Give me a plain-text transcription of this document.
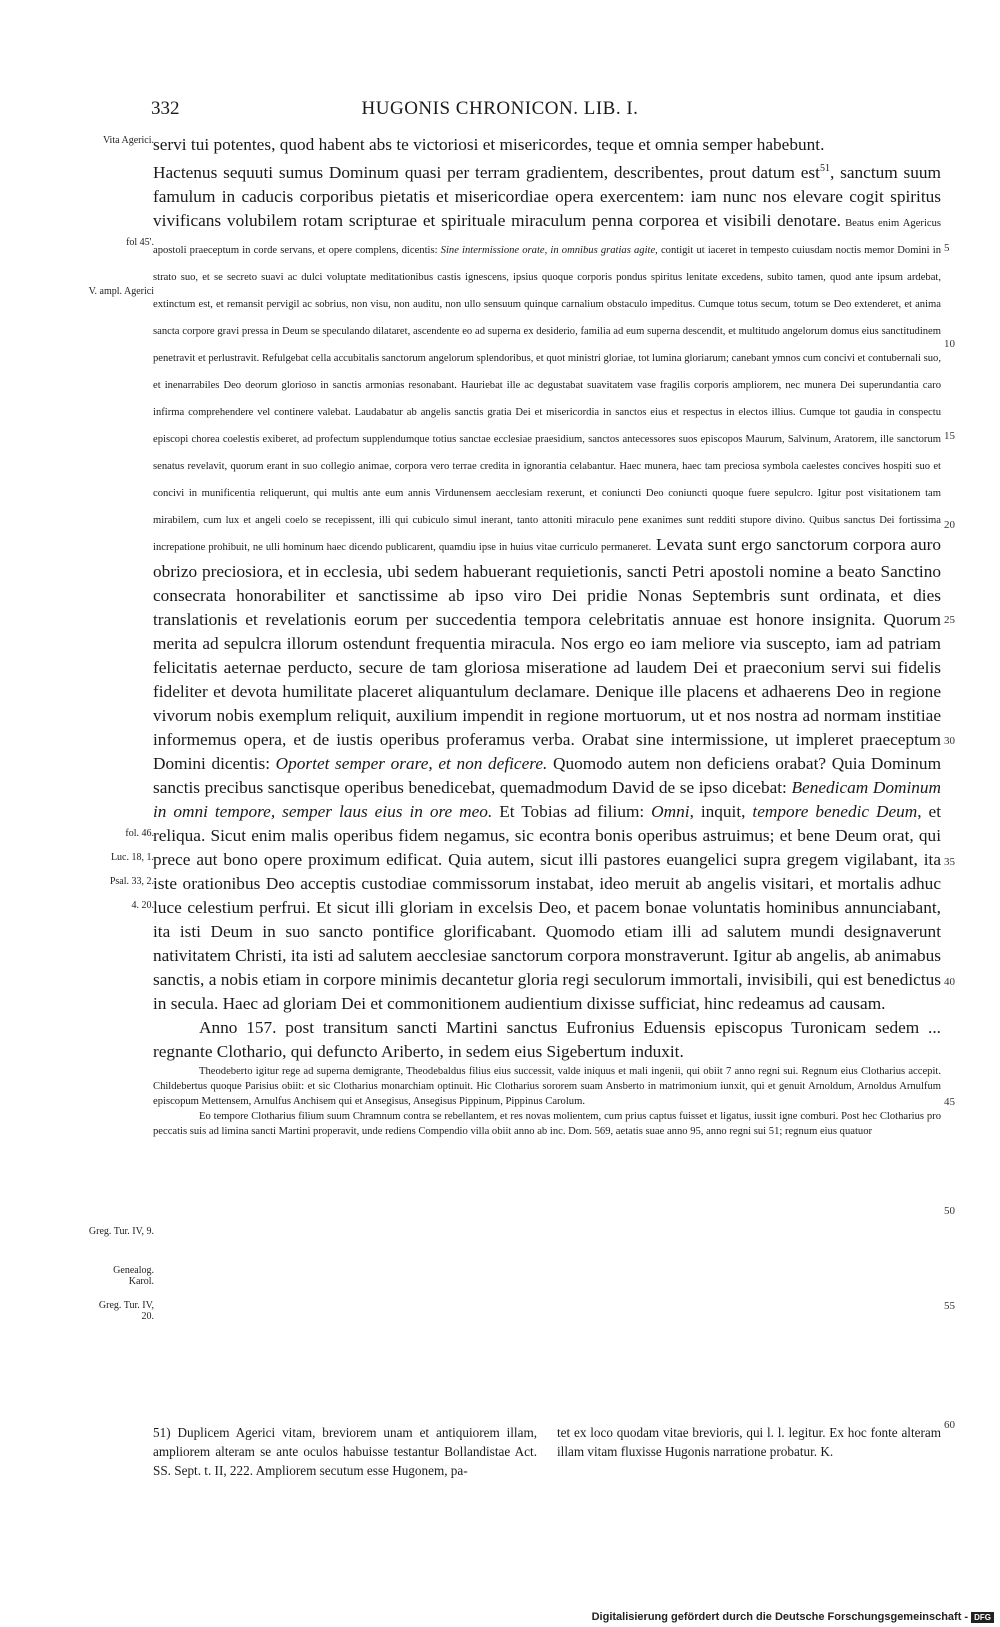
332	HUGONIS CHRONICON. LIB. I.
Vita Agerici.
fol 45'.
V. ampl. Agerici
fol. 46.
Luc. 18, 1.
Psal. 33, 2.
4. 20.
Greg. Tur. IV, 9.
Genealog. Karol.
Greg. Tur. IV, 20.
5
10
15
20
25
30
35
40
45
50
55
60

servi tui potentes, quod habent abs te victoriosi et misericordes, teque et omnia semper habebunt.

Hactenus sequuti sumus Dominum quasi per terram gradientem, describentes, prout datum est$^{51}$, sanctum suum famulum in caducis corporibus pietatis et misericordiae opera exercentem: iam nunc nos elevare cogit spiritus vivificans volubilem rotam scripturae et spirituale miraculum penna corporea et visibili denotare. Beatus enim Agericus apostoli praeceptum in corde servans, et opere complens, dicentis: Sine intermissione orate, in omnibus gratias agite, contigit ut iaceret in tempesto cuiusdam noctis memor Domini in strato suo, et se secreto suavi ac dulci voluptate meditationibus castis ignescens, ipsius quoque corporis pondus spiritus lenitate excedens, subito tamen, quod ante ipsum ardebat, extinctum est, et remansit pervigil ac sobrius, non visu, non auditu, non ullo sensuum quinque carnalium obstaculo impeditus. Cumque totus secum, totum se Deo extenderet, et anima sancta corpore gravi pressa in Deum se speculando dilataret, ascendente eo ad superna ex desiderio, familia ad eum superna descendit, et multitudo angelorum domus eius sanctitudinem penetravit et perlustravit. Refulgebat cella accubitalis sanctorum angelorum splendoribus, et quot ministri gloriae, tot lumina gloriarum; canebant ymnos cum concivi et contubernali suo, et inenarrabiles Deo deorum glorioso in sanctis armonias resonabant. Hauriebat ille ac degustabat suavitatem vase fragilis corporis ampliorem, nec munera Dei superundantia caro infirma comprehendere vel continere valebat. Laudabatur ab angelis sanctis gratia Dei et misericordia in sanctos eius et respectus in electos illius. Cumque tot gaudia in conspectu episcopi chorea coelestis exiberet, ad profectum supplendumque totius sanctae ecclesiae praesidium, sanctos antecessores suos episcopos Maurum, Salvinum, Aratorem, ille sanctorum senatus revelavit, quorum erant in suo collegio animae, corpora vero terrae credita in ignorantia celabantur. Haec munera, haec tam preciosa symbola caelestes concives hospiti suo et concivi in munificentia reliquerunt, qui multis ante eum annis Virdunensem aecclesiam rexerunt, et coniuncti Deo coniuncti quoque fuere sepulcro. Igitur post visitationem tam mirabilem, cum lux et angeli coelo se recepissent, illi qui cubiculo simul inerant, tanto attoniti miraculo pene exanimes sunt redditi stupore divino. Quibus sanctus Dei fortissima increpatione prohibuit, ne ulli hominum haec dicendo publicarent, quamdiu ipse in huius vitae curriculo permaneret. Levata sunt ergo sanctorum corpora auro obrizo preciosiora, et in ecclesia, ubi sedem habuerant requietionis, sancti Petri apostoli nomine a beato Sanctino consecrata honorabiliter et sanctissime ab ipso viro Dei pridie Nonas Septembris sunt ordinata, et dies translationis et revelationis eorum per succedentia tempora celebritatis annuae est honore insignita. Quorum merita ad sepulcra illorum ostendunt frequentia miracula. Nos ergo eo iam meliore via suscepto, iam ad patriam felicitatis aeternae perducto, secure de tam gloriosa miseratione ad laudem Dei et praeconium servi sui fidelis fideliter et devota humilitate placeret aliquantulum declamare. Denique ille placens et adhaerens Deo in regione vivorum nobis exemplum reliquit, auxilium impendit in regione mortuorum, ut et nos nostra ad normam institiae informemus opera, et de iustis operibus proferamus verba. Orabat sine intermissione, ut impleret praeceptum Domini dicentis: Oportet semper orare, et non deficere. Quomodo autem non deficiens orabat? Quia Dominum sanctis precibus sanctisque operibus benedicebat, quemadmodum David de se ipso dicebat: Benedicam Dominum in omni tempore, semper laus eius in ore meo. Et Tobias ad filium: Omni, inquit, tempore benedic Deum, et reliqua. Sicut enim malis operibus fidem negamus, sic econtra bonis operibus astruimus; et bene Deum orat, qui prece aut bono opere proximum edificat. Quia autem, sicut illi pastores euangelici supra gregem vigilabant, ita iste orationibus Deo acceptis custodiae commissorum instabat, ideo meruit ab angelis visitari, et mortalis adhuc luce celestium perfrui. Et sicut illi gloriam in excelsis Deo, et pacem bonae voluntatis hominibus annunciabant, ita isti Deum in suo sancto pontifice glorificabant. Quomodo etiam illi ad salutem mundi designaverunt nativitatem Christi, ita isti ad salutem aecclesiae sanctorum corpora monstraverunt. Igitur ab angelis, ab animabus sanctis, a nobis etiam in corpore minimis decantetur gloria regi seculorum immortali, invisibili, qui est benedictus in secula. Haec ad gloriam Dei et commonitionem audientium dixisse sufficiat, hinc redeamus ad causam.

Anno 157. post transitum sancti Martini sanctus Eufronius Eduensis episcopus Turonicam sedem ... regnante Clothario, qui defuncto Ariberto, in sedem eius Sigebertum induxit.

Theodeberto igitur rege ad superna demigrante, Theodebaldus filius eius successit, valde iniquus et mali ingenii, qui obiit 7 anno regni sui. Regnum eius Clotharius accepit. Childebertus quoque Parisius obiit: et sic Clotharius monarchiam optinuit. Hic Clotharius sororem suam Ansberto in matrimonium iunxit, qui et genuit Arnoldum, Arnoldus Arnulfum episcopum Mettensem, Arnulfus Anchisem qui et Ansegisus, Ansegisus Pippinum, Pippinus Carolum.

Eo tempore Clotharius filium suum Chramnum contra se rebellantem, et res novas molientem, cum prius captus fuisset et ligatus, iussit igne comburi. Post hec Clotharius pro peccatis suis ad limina sancti Martini properavit, unde rediens Compendio villa obiit anno ab inc. Dom. 569, aetatis suae anno 95, anno regni sui 51; regnum eius quatuor

51) Duplicem Agerici vitam, breviorem unam et antiquiorem illam, ampliorem alteram se ante oculos habuisse testantur Bollandistae Act. SS. Sept. t. II, 222. Ampliorem secutum esse Hugonem, pa-
tet ex loco quodam vitae brevioris, qui l. l. legitur. Ex hoc fonte alteram illam vitam fluxisse Hugonis narratione probatur. K.
Digitalisierung gefördert durch die Deutsche Forschungsgemeinschaft - DFG
